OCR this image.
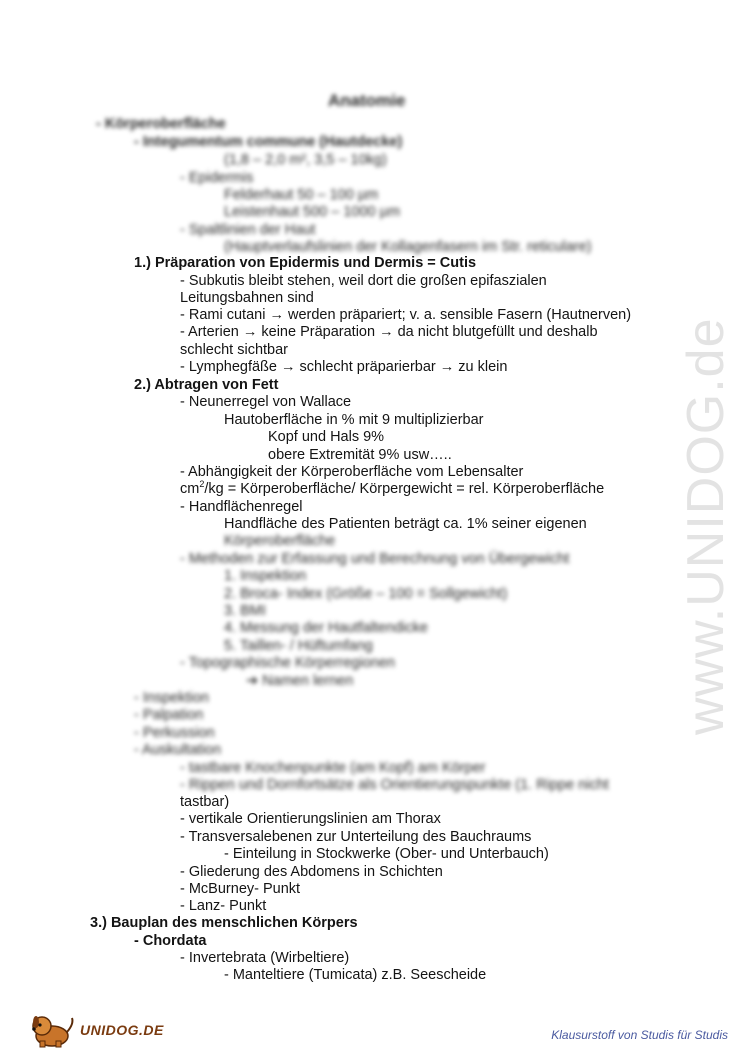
www.UNIDOG.de
Anatomie
- Körperoberfläche
- Integumentum commune (Hautdecke)
(1,8 – 2,0 m², 3,5 – 10kg)
- Epidermis
Felderhaut 50 – 100 µm
Leistenhaut 500 – 1000 µm
- Spaltlinien der Haut
(Hauptverlaufslinien der Kollagenfasern im Str. reticulare)
1.) Präparation von Epidermis und Dermis = Cutis
- Subkutis bleibt stehen, weil dort die großen epifaszialen
Leitungsbahnen sind
- Rami cutani → werden präpariert; v. a. sensible Fasern (Hautnerven)
- Arterien → keine Präparation → da nicht blutgefüllt und deshalb
schlecht sichtbar
- Lymphegfäße → schlecht präparierbar → zu klein
2.) Abtragen von Fett
- Neunerregel von Wallace
Hautoberfläche in % mit 9 multiplizierbar
Kopf und Hals 9%
obere Extremität 9% usw…..
- Abhängigkeit der Körperoberfläche vom Lebensalter
$cm^2/kg$ = Körperoberfläche/ Körpergewicht = rel. Körperoberfläche
- Handflächenregel
Handfläche des Patienten beträgt ca. 1% seiner eigenen
Körperoberfläche
- Methoden zur Erfassung und Berechnung von Übergewicht
1. Inspektion
2. Broca- Index (Größe – 100 = Sollgewicht)
3. BMI
4. Messung der Hautfaltendicke
5. Taillen- / Hüftumfang
- Topographische Körperregionen
➔ Namen lernen
- Inspektion
- Palpation
- Perkussion
- Auskultation
- tastbare Knochenpunkte (am Kopf) am Körper
- Rippen und Dornfortsätze als Orientierungspunkte (1. Rippe nicht
tastbar)
- vertikale Orientierungslinien am Thorax
- Transversalebenen zur Unterteilung des Bauchraums
- Einteilung in Stockwerke (Ober- und Unterbauch)
- Gliederung des Abdomens in Schichten
- McBurney- Punkt
- Lanz- Punkt
3.) Bauplan des menschlichen Körpers
- Chordata
- Invertebrata (Wirbeltiere)
- Manteltiere (Tumicata) z.B. Seescheide
UNIDOG.DE	Klausurstoff von Studis für Studis
